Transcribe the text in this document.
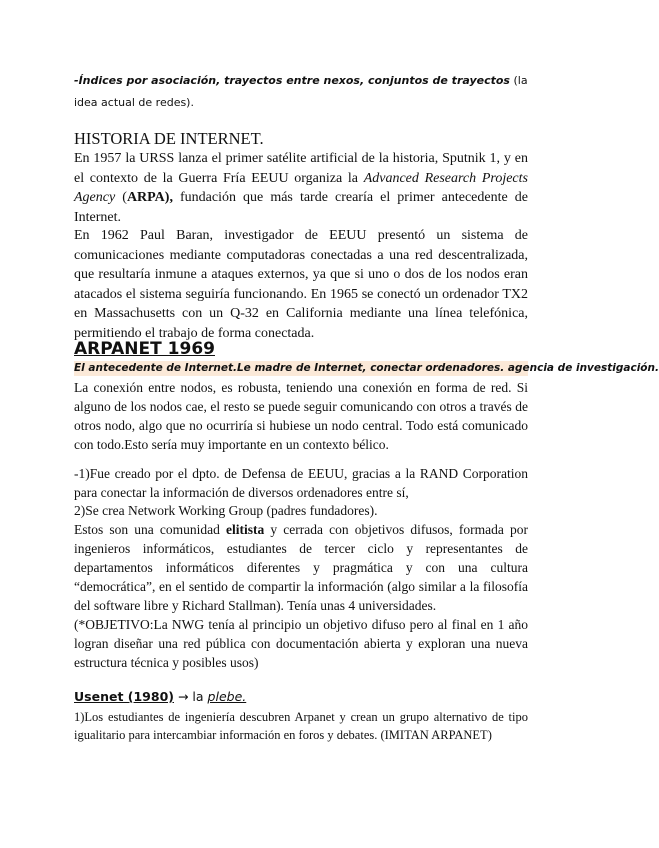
-Índices por asociación, trayectos entre nexos, conjuntos de trayectos (la idea actual de redes).
HISTORIA DE INTERNET.
En 1957 la URSS lanza el primer satélite artificial de la historia, Sputnik 1, y en el contexto de la Guerra Fría EEUU organiza la Advanced Research Projects Agency (ARPA), fundación que más tarde crearía el primer antecedente de Internet.
En 1962 Paul Baran, investigador de EEUU presentó un sistema de comunicaciones mediante computadoras conectadas a una red descentralizada, que resultaría inmune a ataques externos, ya que si uno o dos de los nodos eran atacados el sistema seguiría funcionando. En 1965 se conectó un ordenador TX2 en Massachusetts con un Q-32 en California mediante una línea telefónica, permitiendo el trabajo de forma conectada.
ARPANET 1969
El antecedente de Internet.Le madre de Internet, conectar ordenadores. agencia de investigación.
La conexión entre nodos, es robusta, teniendo una conexión en forma de red. Si alguno de los nodos cae, el resto se puede seguir comunicando con otros a través de otros nodo, algo que no ocurriría si hubiese un nodo central. Todo está comunicado con todo.Esto sería muy importante en un contexto bélico.
-1)Fue creado por el dpto. de Defensa de EEUU, gracias a la RAND Corporation para conectar la información de diversos ordenadores entre sí,
2)Se crea Network Working Group (padres fundadores).
Estos son una comunidad elitista y cerrada con objetivos difusos, formada por ingenieros informáticos, estudiantes de tercer ciclo y representantes de departamentos informáticos diferentes y pragmática y con una cultura “democrática”, en el sentido de compartir la información (algo similar a la filosofía del software libre y Richard Stallman). Tenía unas 4 universidades.
(*OBJETIVO:La NWG tenía al principio un objetivo difuso pero al final en 1 año logran diseñar una red pública con documentación abierta y exploran una nueva estructura técnica y posibles usos)
Usenet (1980) → la plebe.
1)Los estudiantes de ingeniería descubren Arpanet y crean un grupo alternativo de tipo igualitario para intercambiar información en foros y debates. (IMITAN ARPANET)
